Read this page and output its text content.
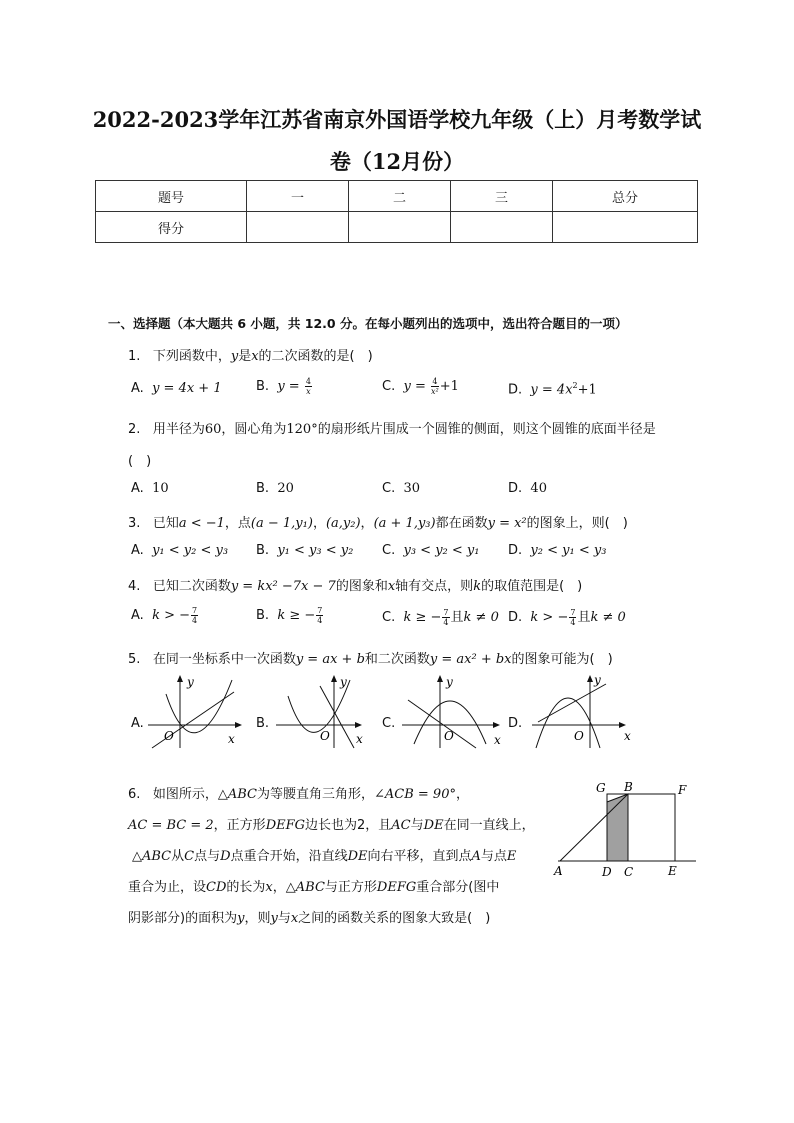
2022-2023学年江苏省南京外国语学校九年级（上）月考数学试
卷（12月份）
题号	一	二	三	总分
得分				
一、选择题（本大题共 6 小题，共 12.0 分。在每小题列出的选项中，选出符合题目的一项）
1. 下列函数中，y是x的二次函数的是(　)
A. y = 4x + 1	B. $y = \frac{4}{x}$	C. $y = \frac{4}{\text{x²}} +1$	D. $y = 4x^2+1$
2. 用半径为60，圆心角为120°的扇形纸片围成一个圆锥的侧面，则这个圆锥的底面半径是
(　)
A. 10	B. 20	C. 30	D. 40
3. 已知a < −1，点(a − 1,y₁)，(a,y₂)，(a + 1,y₃)都在函数y = x²的图象上，则(　)
A. y₁ < y₂ < y₃ B. y₁ < y₃ < y₂ C. y₃ < y₂ < y₁ D. y₂ < y₁ < y₃
4. 已知二次函数y = kx² −7x − 7的图象和x轴有交点，则k的取值范围是(　)
A. k > − $\frac{7}{4}$	B. k ≥ − $\frac{7}{4}$	C. k ≥ − $\frac{7}{4}$ 且k ≠ 0 D. k > − $\frac{7}{4}$ 且k ≠ 0
5. 在同一坐标系中一次函数y = ax + b和二次函数y = ax² + bx的图象可能为(　)
A.	B.	C.	D.
y
x
O
y
x
O
y
x
O
y
x
O
6. 如图所示，△ABC为等腰直角三角形，∠ACB = 90°，
AC = BC = 2，正方形DEFG边长也为2，且AC与DE在同一直线上，
△ABC从C点与D点重合开始，沿直线DE向右平移，直到点A与点E
重合为止，设CD的长为x，△ABC与正方形DEFG重合部分(图中
阴影部分)的面积为y，则y与x之间的函数关系的图象大致是(　)
G B	F
A	D C	E
